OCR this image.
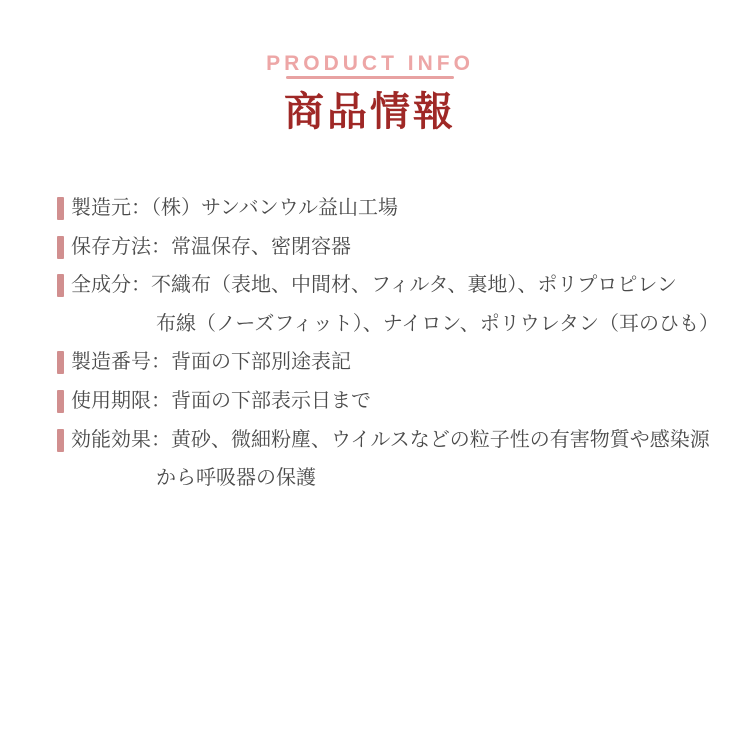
PRODUCT INFO
商品情報
製造元：（株）サンバンウル益山工場
保存方法：常温保存、密閉容器
全成分：不織布（表地、中間材、フィルタ、裏地）、ポリプロピレン
布線（ノーズフィット）、ナイロン、ポリウレタン（耳のひも）
製造番号：背面の下部別途表記
使用期限：背面の下部表示日まで
効能効果：黄砂、微細粉塵、ウイルスなどの粒子性の有害物質や感染源
から呼吸器の保護
